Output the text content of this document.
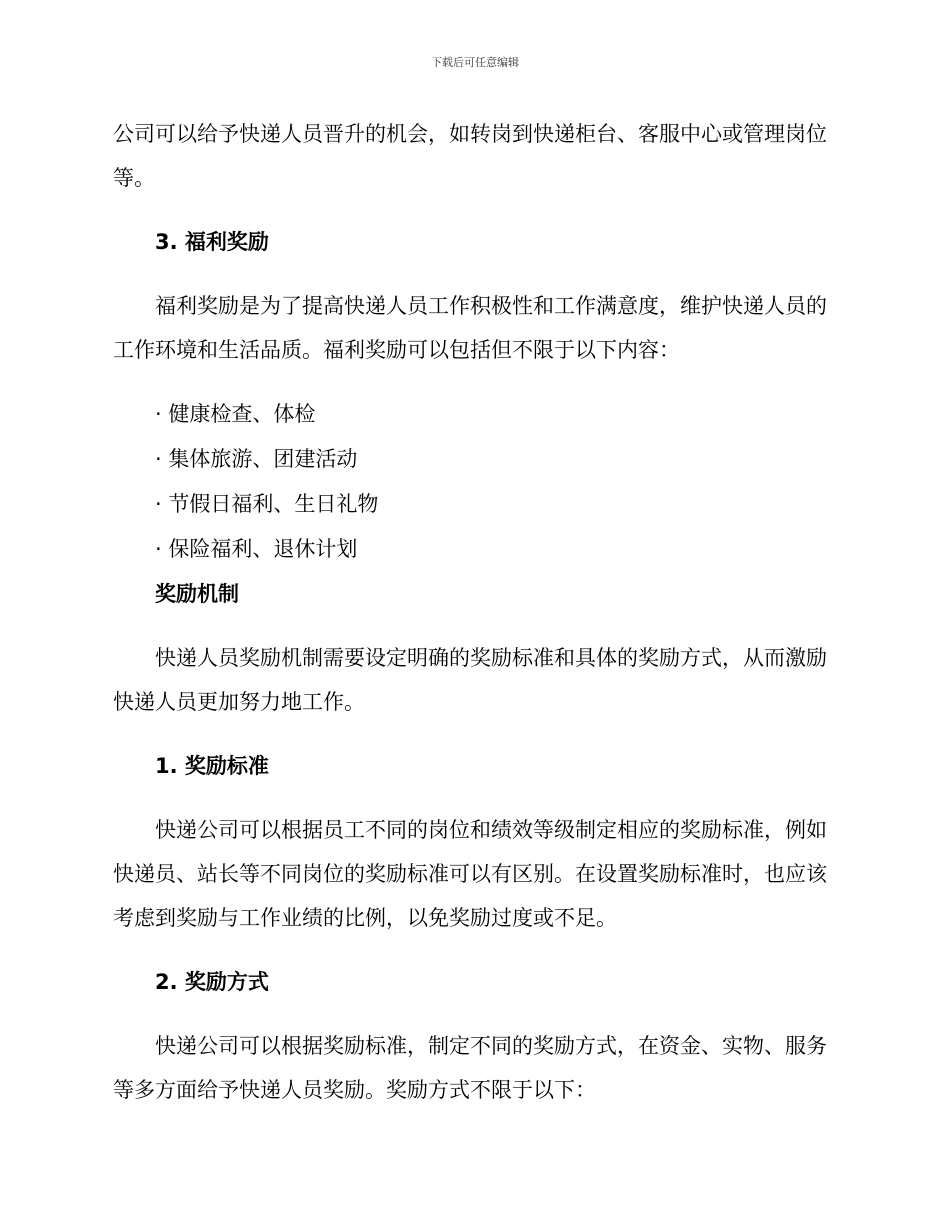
下载后可任意编辑

公司可以给予快递人员晋升的机会，如转岗到快递柜台、客服中心或管理岗位等。

3. 福利奖励

福利奖励是为了提高快递人员工作积极性和工作满意度，维护快递人员的工作环境和生活品质。福利奖励可以包括但不限于以下内容：

· 健康检查、体检
· 集体旅游、团建活动
· 节假日福利、生日礼物
· 保险福利、退休计划
奖励机制

快递人员奖励机制需要设定明确的奖励标准和具体的奖励方式，从而激励快递人员更加努力地工作。

1. 奖励标准

快递公司可以根据员工不同的岗位和绩效等级制定相应的奖励标准，例如快递员、站长等不同岗位的奖励标准可以有区别。在设置奖励标准时，也应该考虑到奖励与工作业绩的比例，以免奖励过度或不足。

2. 奖励方式

快递公司可以根据奖励标准，制定不同的奖励方式，在资金、实物、服务等多方面给予快递人员奖励。奖励方式不限于以下：
